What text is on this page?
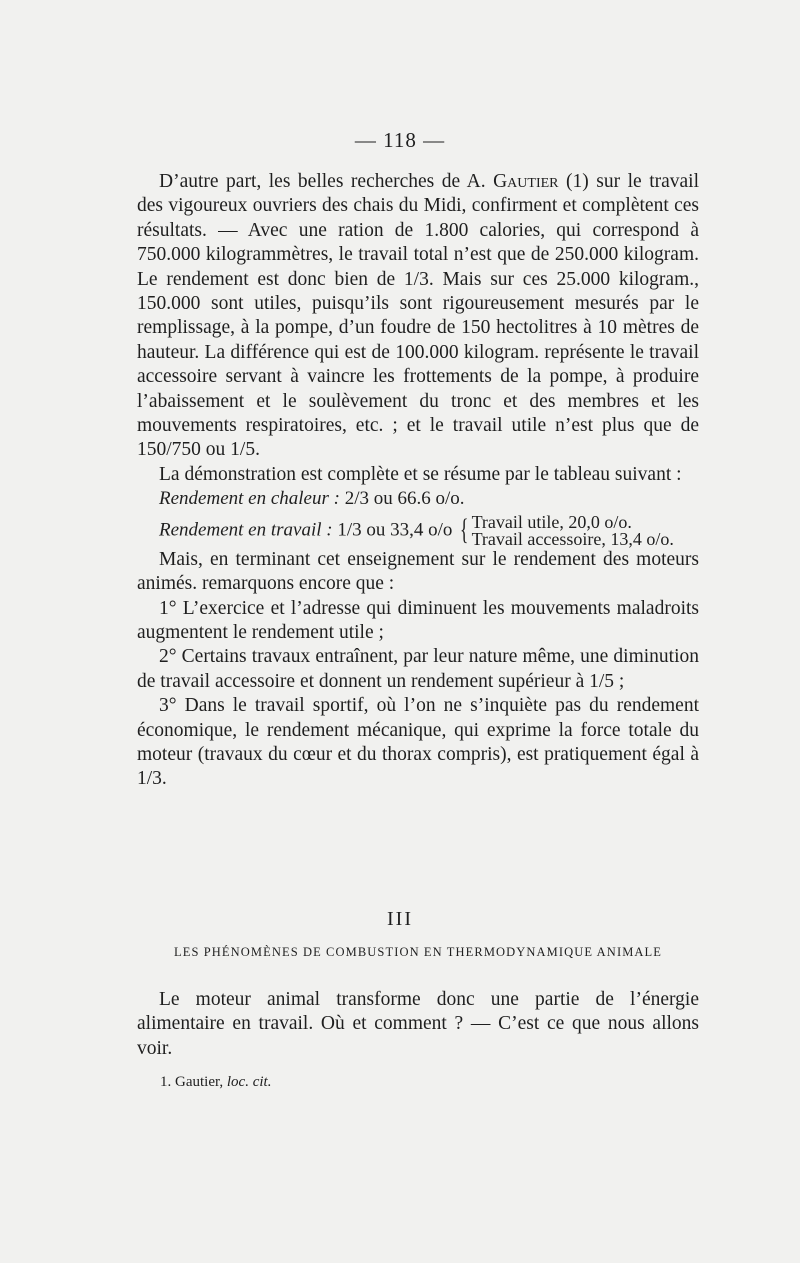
— 118 —

D’autre part, les belles recherches de A. Gautier (1) sur le travail des vigoureux ouvriers des chais du Midi, confirment et complètent ces résultats. — Avec une ration de 1.800 calories, qui correspond à 750.000 kilogrammètres, le travail total n’est que de 250.000 kilogram. Le rendement est donc bien de 1/3. Mais sur ces 25.000 kilogram., 150.000 sont utiles, puisqu’ils sont rigoureusement mesurés par le remplissage, à la pompe, d’un foudre de 150 hectolitres à 10 mètres de hauteur. La différence qui est de 100.000 kilogram. représente le travail accessoire servant à vaincre les frottements de la pompe, à produire l’abaissement et le soulèvement du tronc et des membres et les mouvements respiratoires, etc. ; et le travail utile n’est plus que de 150/750 ou 1/5.

La démonstration est complète et se résume par le tableau suivant :

Rendement en chaleur : 2/3 ou 66.6 o/o.

Rendement en travail : 1/3 ou 33,4 o/o { Travail utile, 20,0 o/o.
Travail accessoire, 13,4 o/o.

Mais, en terminant cet enseignement sur le rendement des moteurs animés. remarquons encore que :

1° L’exercice et l’adresse qui diminuent les mouvements maladroits augmentent le rendement utile ;

2° Certains travaux entraînent, par leur nature même, une diminution de travail accessoire et donnent un rendement supérieur à 1/5 ;

3° Dans le travail sportif, où l’on ne s’inquiète pas du rendement économique, le rendement mécanique, qui exprime la force totale du moteur (travaux du cœur et du thorax compris), est pratiquement égal à 1/3.

III
LES PHÉNOMÈNES DE COMBUSTION EN THERMODYNAMIQUE ANIMALE

Le moteur animal transforme donc une partie de l’énergie alimentaire en travail. Où et comment ? — C’est ce que nous allons voir.

1. Gautier, loc. cit.
